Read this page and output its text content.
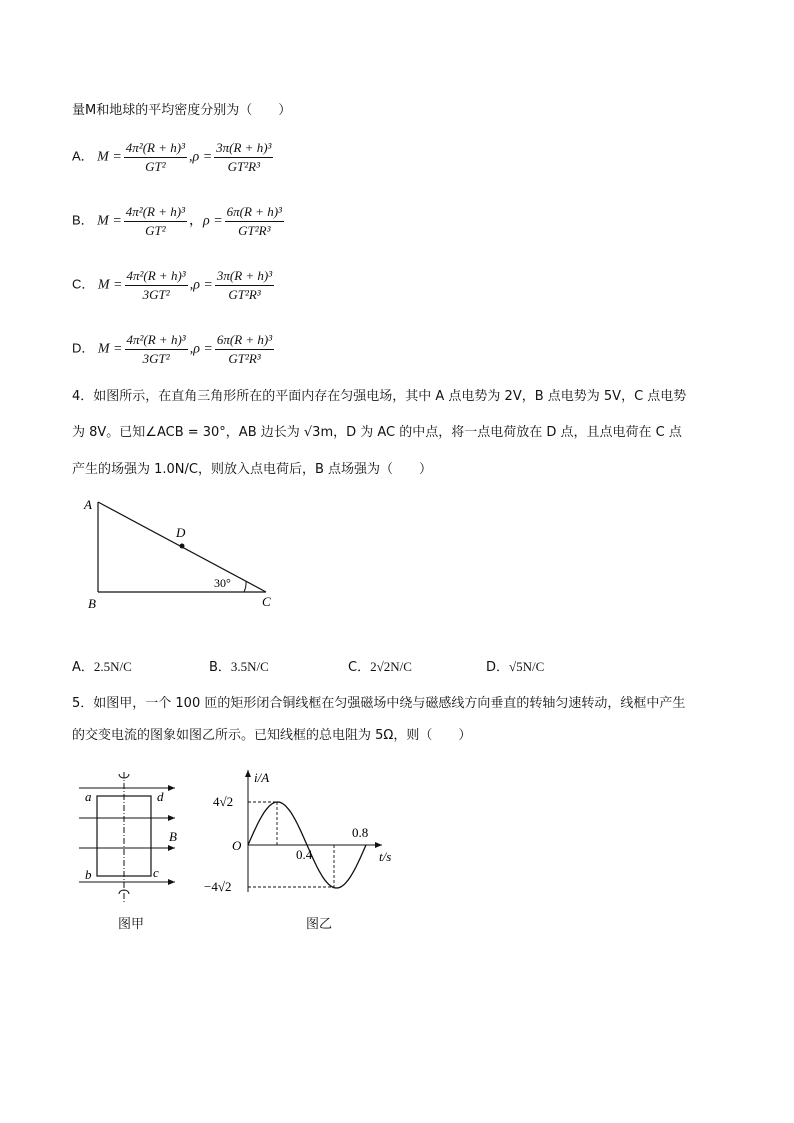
量M和地球的平均密度分别为（　　）
A． $M = \frac{\text{4π²(R + h)³}}{\text{GT²}} ,\rho = \frac{\text{3π(R + h)³}}{\text{GT²R³}}$
B． $M = \frac{\text{4π²(R + h)³}}{\text{GT²}}$ ，$\rho = \frac{\text{6π(R + h)³}}{\text{GT²R³}}$
C． $M = \frac{\text{4π²(R + h)³}}{\text{3GT²}} ,\rho = \frac{\text{3π(R + h)³}}{\text{GT²R³}}$
D． $M = \frac{\text{4π²(R + h)³}}{\text{3GT²}} ,\rho = \frac{\text{6π(R + h)³}}{\text{GT²R³}}$
4．如图所示，在直角三角形所在的平面内存在匀强电场，其中 A 点电势为 2V，B 点电势为 5V，C 点电势
为 8V。已知∠ACB = 30°，AB 边长为 √3m，D 为 AC 的中点，将一点电荷放在 D 点，且点电荷在 C 点
产生的场强为 1.0N/C，则放入点电荷后，B 点场强为（　　）
A
B	C
D
30°
A．2.5N/C	B．3.5N/C	C．2√2N/C	D．√5N/C
5．如图甲，一个 100 匝的矩形闭合铜线框在匀强磁场中绕与磁感线方向垂直的转轴匀速转动，线框中产生
的交变电流的图象如图乙所示。已知线框的总电阻为 5Ω，则（　　）
a	d
b	c
B
图甲
i/A
t/s
O
4√2
−4√2
0.4
0.8
图乙
